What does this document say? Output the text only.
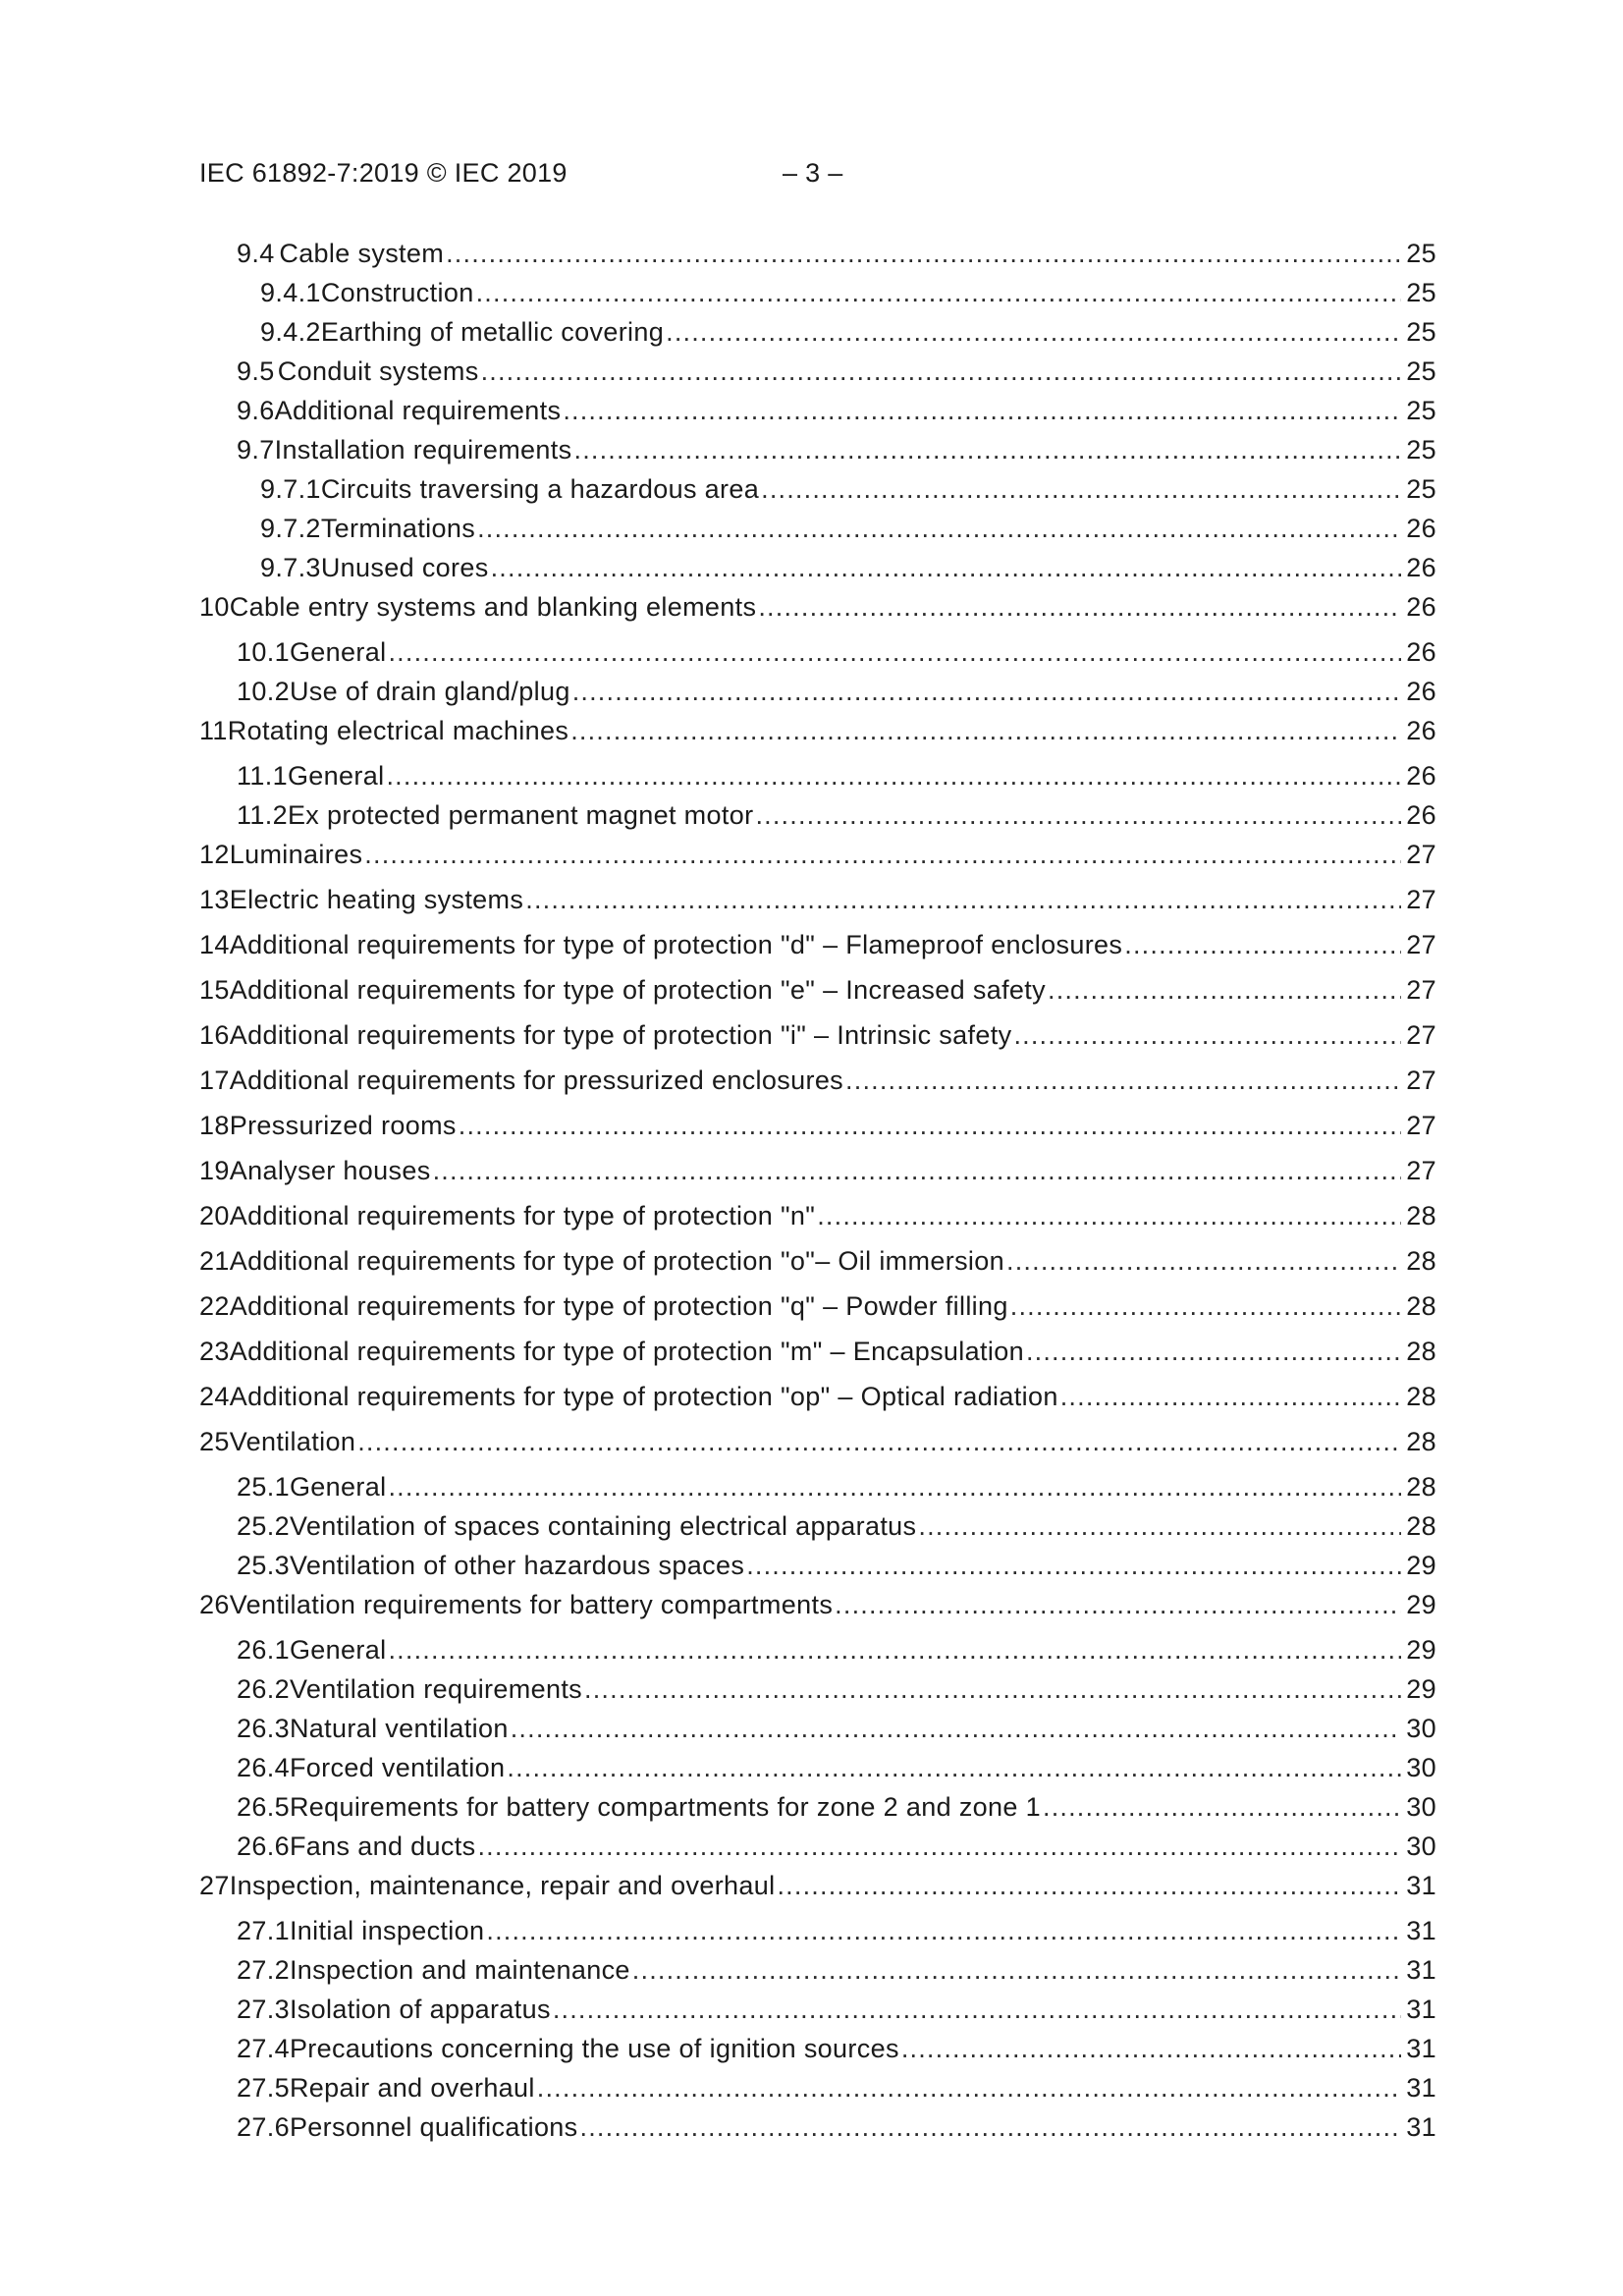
IEC 61892-7:2019 © IEC 2019	– 3 –
9.4 Cable system .....	25
9.4.1 Construction .....	25
9.4.2 Earthing of metallic covering .....	25
9.5 Conduit systems .....	25
9.6 Additional requirements .....	25
9.7 Installation requirements .....	25
9.7.1 Circuits traversing a hazardous area .....	25
9.7.2 Terminations .....	26
9.7.3 Unused cores .....	26
10 Cable entry systems and blanking elements .....	26
10.1 General .....	26
10.2 Use of drain gland/plug .....	26
11 Rotating electrical machines .....	26
11.1 General .....	26
11.2 Ex protected permanent magnet motor .....	26
12 Luminaires .....	27
13 Electric heating systems .....	27
14 Additional requirements for type of protection "d" – Flameproof enclosures .....	27
15 Additional requirements for type of protection "e" – Increased safety .....	27
16 Additional requirements for type of protection "i" – Intrinsic safety .....	27
17 Additional requirements for pressurized enclosures .....	27
18 Pressurized rooms .....	27
19 Analyser houses .....	27
20 Additional requirements for type of protection "n" .....	28
21 Additional requirements for type of protection "o"– Oil immersion .....	28
22 Additional requirements for type of protection "q" – Powder filling .....	28
23 Additional requirements for type of protection "m" – Encapsulation .....	28
24 Additional requirements for type of protection "op" – Optical radiation .....	28
25 Ventilation .....	28
25.1 General .....	28
25.2 Ventilation of spaces containing electrical apparatus .....	28
25.3 Ventilation of other hazardous spaces .....	29
26 Ventilation requirements for battery compartments .....	29
26.1 General .....	29
26.2 Ventilation requirements .....	29
26.3 Natural ventilation .....	30
26.4 Forced ventilation .....	30
26.5 Requirements for battery compartments for zone 2 and zone 1 .....	30
26.6 Fans and ducts .....	30
27 Inspection, maintenance, repair and overhaul .....	31
27.1 Initial inspection .....	31
27.2 Inspection and maintenance .....	31
27.3 Isolation of apparatus .....	31
27.4 Precautions concerning the use of ignition sources .....	31
27.5 Repair and overhaul .....	31
27.6 Personnel qualifications .....	31
